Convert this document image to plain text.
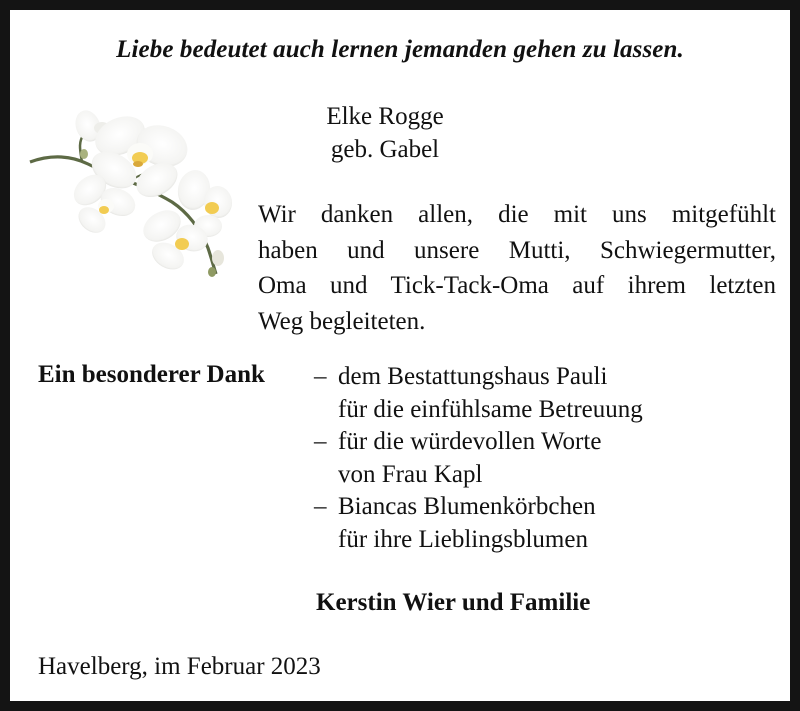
Liebe bedeutet auch lernen jemanden gehen zu lassen.
Elke Rogge
geb. Gabel
Wir danken allen, die mit uns mitgefühlt
haben und unsere Mutti, Schwiegermutter,
Oma und Tick-Tack-Oma auf ihrem letzten
Weg begleiteten.
Ein besonderer Dank – dem Bestattungshaus Pauli
für die einfühlsame Betreuung
– für die würdevollen Worte
von Frau Kapl
– Biancas Blumenkörbchen
für ihre Lieblingsblumen
Kerstin Wier und Familie
Havelberg, im Februar 2023
